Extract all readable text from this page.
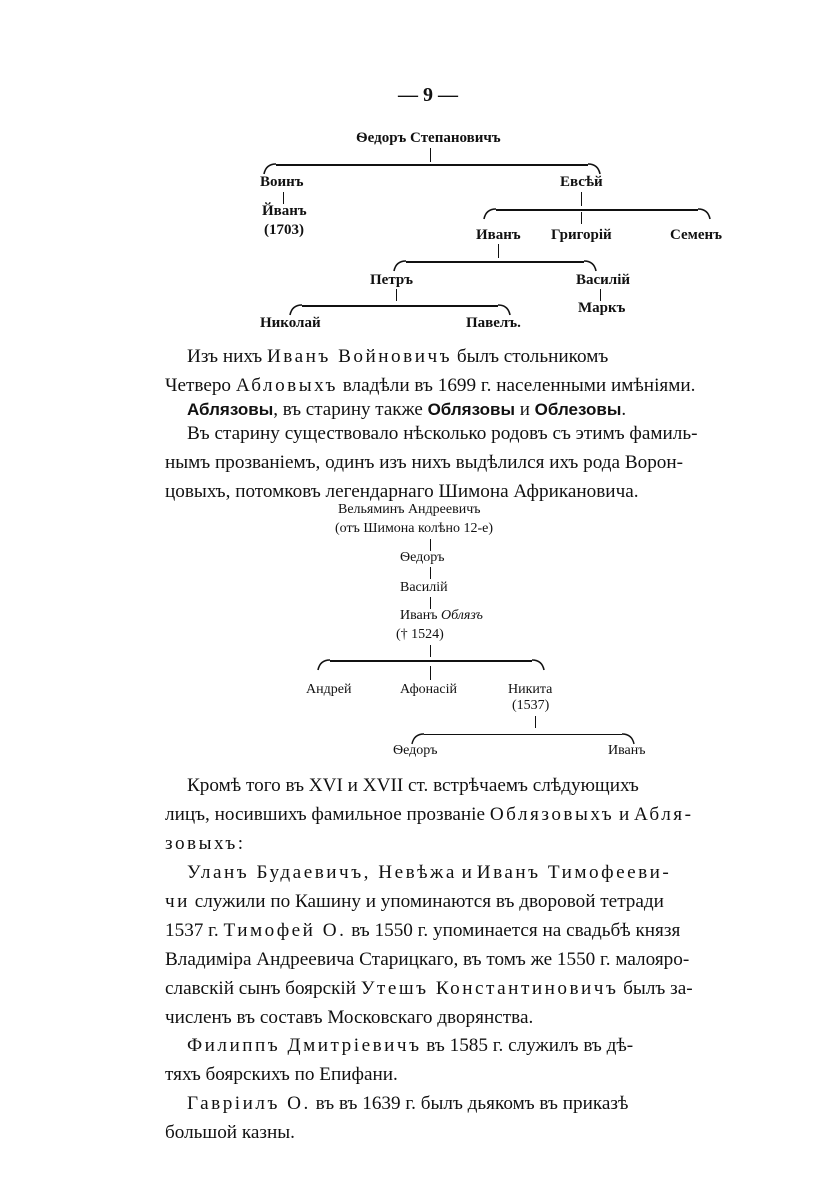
— 9 —
Ѳедоръ Степановичъ
Воинъ
Йванъ
(1703)
Евсѣй
Иванъ Григорій	Семенъ
Петръ	Василій
Маркъ
Николай	Павелъ.
Изъ нихъ Иванъ Войновичъ былъ стольникомъ
Четверо Абловыхъ владѣли въ 1699 г. населенными имѣніями.
Аблязовы, въ старину также Облязовы и Облезовы.
Въ старину существовало нѣсколько родовъ съ этимъ фамиль-
нымъ прозваніемъ, одинъ изъ нихъ выдѣлился ихъ рода Ворон-
цовыхъ, потомковъ легендарнаго Шимона Африкановича.
Вельяминъ Андреевичъ
(отъ Шимона колѣно 12-е)
Ѳедоръ
Василій
Иванъ Облязъ
(† 1524)
Андрей	Афонасій	Никита
(1537)
Ѳедоръ	Иванъ
Кромѣ того въ XVI и XVII ст. встрѣчаемъ слѣдующихъ
лицъ, носившихъ фамильное прозваніе Облязовыхъ и Абля-
зовыхъ:
Уланъ Будаевичъ, Невѣжа и Иванъ Тимофееви-
чи служили по Кашину и упоминаются въ дворовой тетради
1537 г. Тимофей О. въ 1550 г. упоминается на свадьбѣ князя
Владиміра Андреевича Старицкаго, въ томъ же 1550 г. малояро-
славскій сынъ боярскій Утешъ Константиновичъ былъ за-
численъ въ составъ Московскаго дворянства.
Филиппъ Дмитріевичъ въ 1585 г. служилъ въ дѣ-
тяхъ боярскихъ по Епифани.
Гавріилъ О. въ въ 1639 г. былъ дьякомъ въ приказѣ
большой казны.
